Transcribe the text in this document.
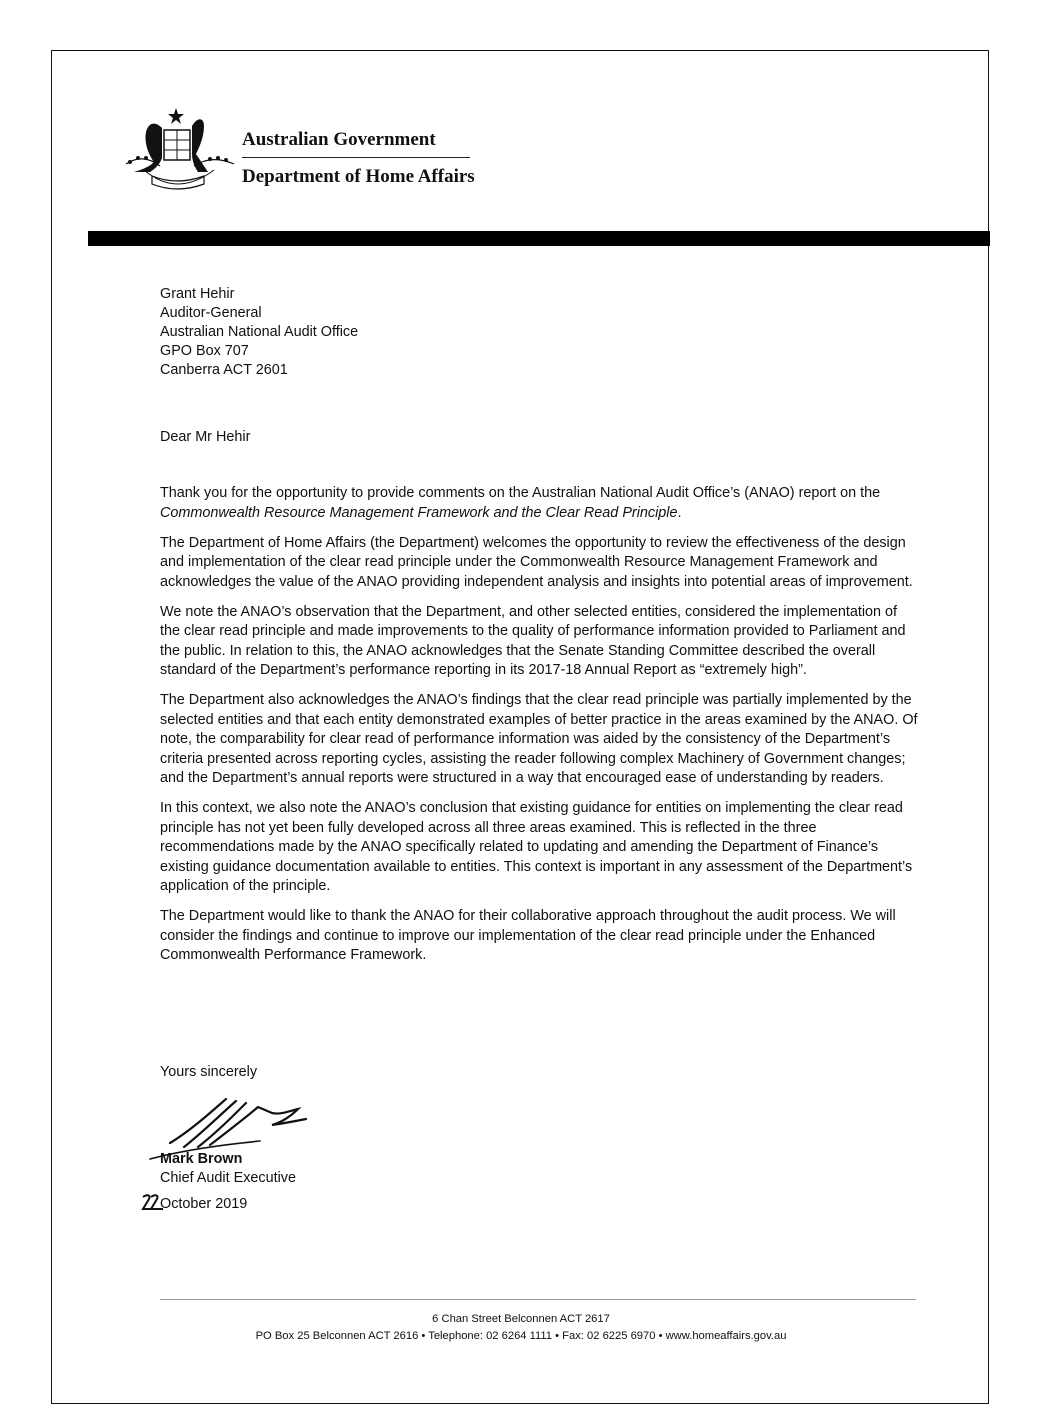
Australian Government
Department of Home Affairs
Grant Hehir
Auditor-General
Australian National Audit Office
GPO Box 707
Canberra ACT 2601
Dear Mr Hehir

Thank you for the opportunity to provide comments on the Australian National Audit Office’s (ANAO) report on the Commonwealth Resource Management Framework and the Clear Read Principle.

The Department of Home Affairs (the Department) welcomes the opportunity to review the effectiveness of the design and implementation of the clear read principle under the Commonwealth Resource Management Framework and acknowledges the value of the ANAO providing independent analysis and insights into potential areas of improvement.

We note the ANAO’s observation that the Department, and other selected entities, considered the implementation of the clear read principle and made improvements to the quality of performance information provided to Parliament and the public. In relation to this, the ANAO acknowledges that the Senate Standing Committee described the overall standard of the Department’s performance reporting in its 2017-18 Annual Report as “extremely high”.

The Department also acknowledges the ANAO’s findings that the clear read principle was partially implemented by the selected entities and that each entity demonstrated examples of better practice in the areas examined by the ANAO. Of note, the comparability for clear read of performance information was aided by the consistency of the Department’s criteria presented across reporting cycles, assisting the reader following complex Machinery of Government changes; and the Department’s annual reports were structured in a way that encouraged ease of understanding by readers.

In this context, we also note the ANAO’s conclusion that existing guidance for entities on implementing the clear read principle has not yet been fully developed across all three areas examined. This is reflected in the three recommendations made by the ANAO specifically related to updating and amending the Department of Finance’s existing guidance documentation available to entities. This context is important in any assessment of the Department’s application of the principle.

The Department would like to thank the ANAO for their collaborative approach throughout the audit process. We will consider the findings and continue to improve our implementation of the clear read principle under the Enhanced Commonwealth Performance Framework.

Yours sincerely
Mark Brown
Chief Audit Executive
October 2019
6 Chan Street Belconnen ACT 2617
PO Box 25 Belconnen ACT 2616 • Telephone: 02 6264 1111 • Fax: 02 6225 6970 • www.homeaffairs.gov.au
